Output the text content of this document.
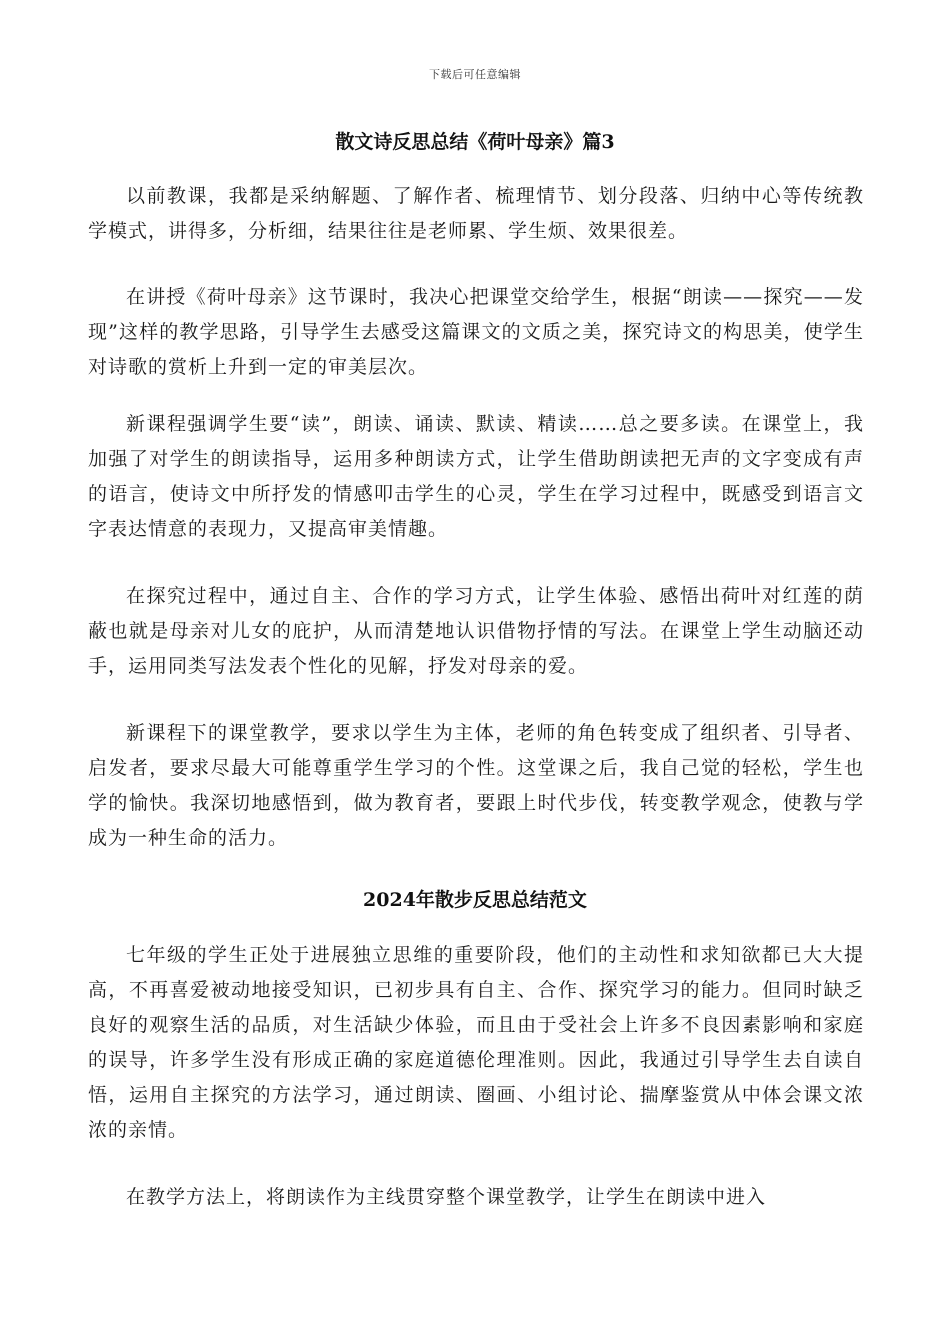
下载后可任意编辑
散文诗反思总结《荷叶母亲》篇3

以前教课，我都是采纳解题、了解作者、梳理情节、划分段落、归纳中心等传统教学模式，讲得多，分析细，结果往往是老师累、学生烦、效果很差。

在讲授《荷叶母亲》这节课时，我决心把课堂交给学生，根据“朗读——探究——发现”这样的教学思路，引导学生去感受这篇课文的文质之美，探究诗文的构思美，使学生对诗歌的赏析上升到一定的审美层次。

新课程强调学生要“读”，朗读、诵读、默读、精读……总之要多读。在课堂上，我加强了对学生的朗读指导，运用多种朗读方式，让学生借助朗读把无声的文字变成有声的语言，使诗文中所抒发的情感叩击学生的心灵，学生在学习过程中，既感受到语言文字表达情意的表现力，又提高审美情趣。

在探究过程中，通过自主、合作的学习方式，让学生体验、感悟出荷叶对红莲的荫蔽也就是母亲对儿女的庇护，从而清楚地认识借物抒情的写法。在课堂上学生动脑还动手，运用同类写法发表个性化的见解，抒发对母亲的爱。

新课程下的课堂教学，要求以学生为主体，老师的角色转变成了组织者、引导者、启发者，要求尽最大可能尊重学生学习的个性。这堂课之后，我自己觉的轻松，学生也学的愉快。我深切地感悟到，做为教育者，要跟上时代步伐，转变教学观念，使教与学成为一种生命的活力。

2024年散步反思总结范文

七年级的学生正处于进展独立思维的重要阶段，他们的主动性和求知欲都已大大提高，不再喜爱被动地接受知识，已初步具有自主、合作、探究学习的能力。但同时缺乏良好的观察生活的品质，对生活缺少体验，而且由于受社会上许多不良因素影响和家庭的误导，许多学生没有形成正确的家庭道德伦理准则。因此，我通过引导学生去自读自悟，运用自主探究的方法学习，通过朗读、圈画、小组讨论、揣摩鉴赏从中体会课文浓浓的亲情。

在教学方法上，将朗读作为主线贯穿整个课堂教学，让学生在朗读中进入
